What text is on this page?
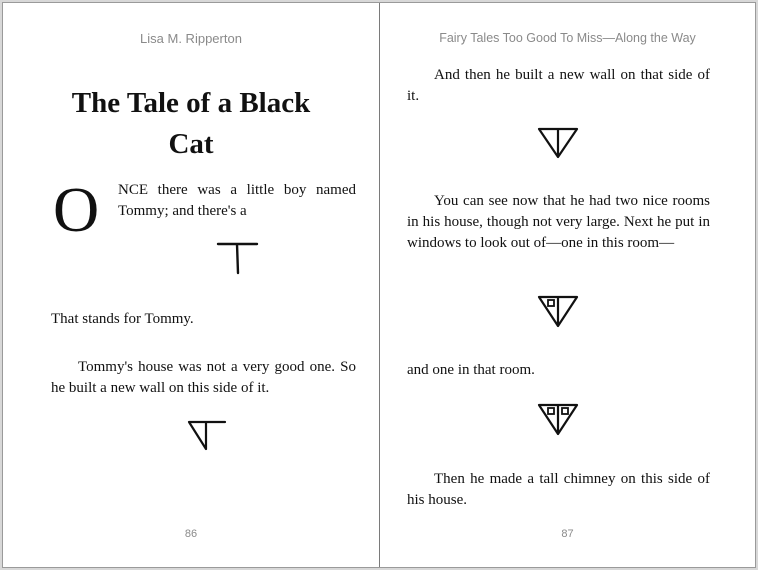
Lisa M. Ripperton
The Tale of a Black
Cat
O NCE there was a little boy named
Tommy; and there's a
That stands for Tommy.
Tommy's house was not a very good one. So he built a new wall on this side of it.
86
Fairy Tales Too Good To Miss—Along the Way
And then he built a new wall on that side of it.
You can see now that he had two nice rooms in his house, though not very large. Next he put in windows to look out of—one in this room—
and one in that room.
Then he made a tall chimney on this side of his house.
87
